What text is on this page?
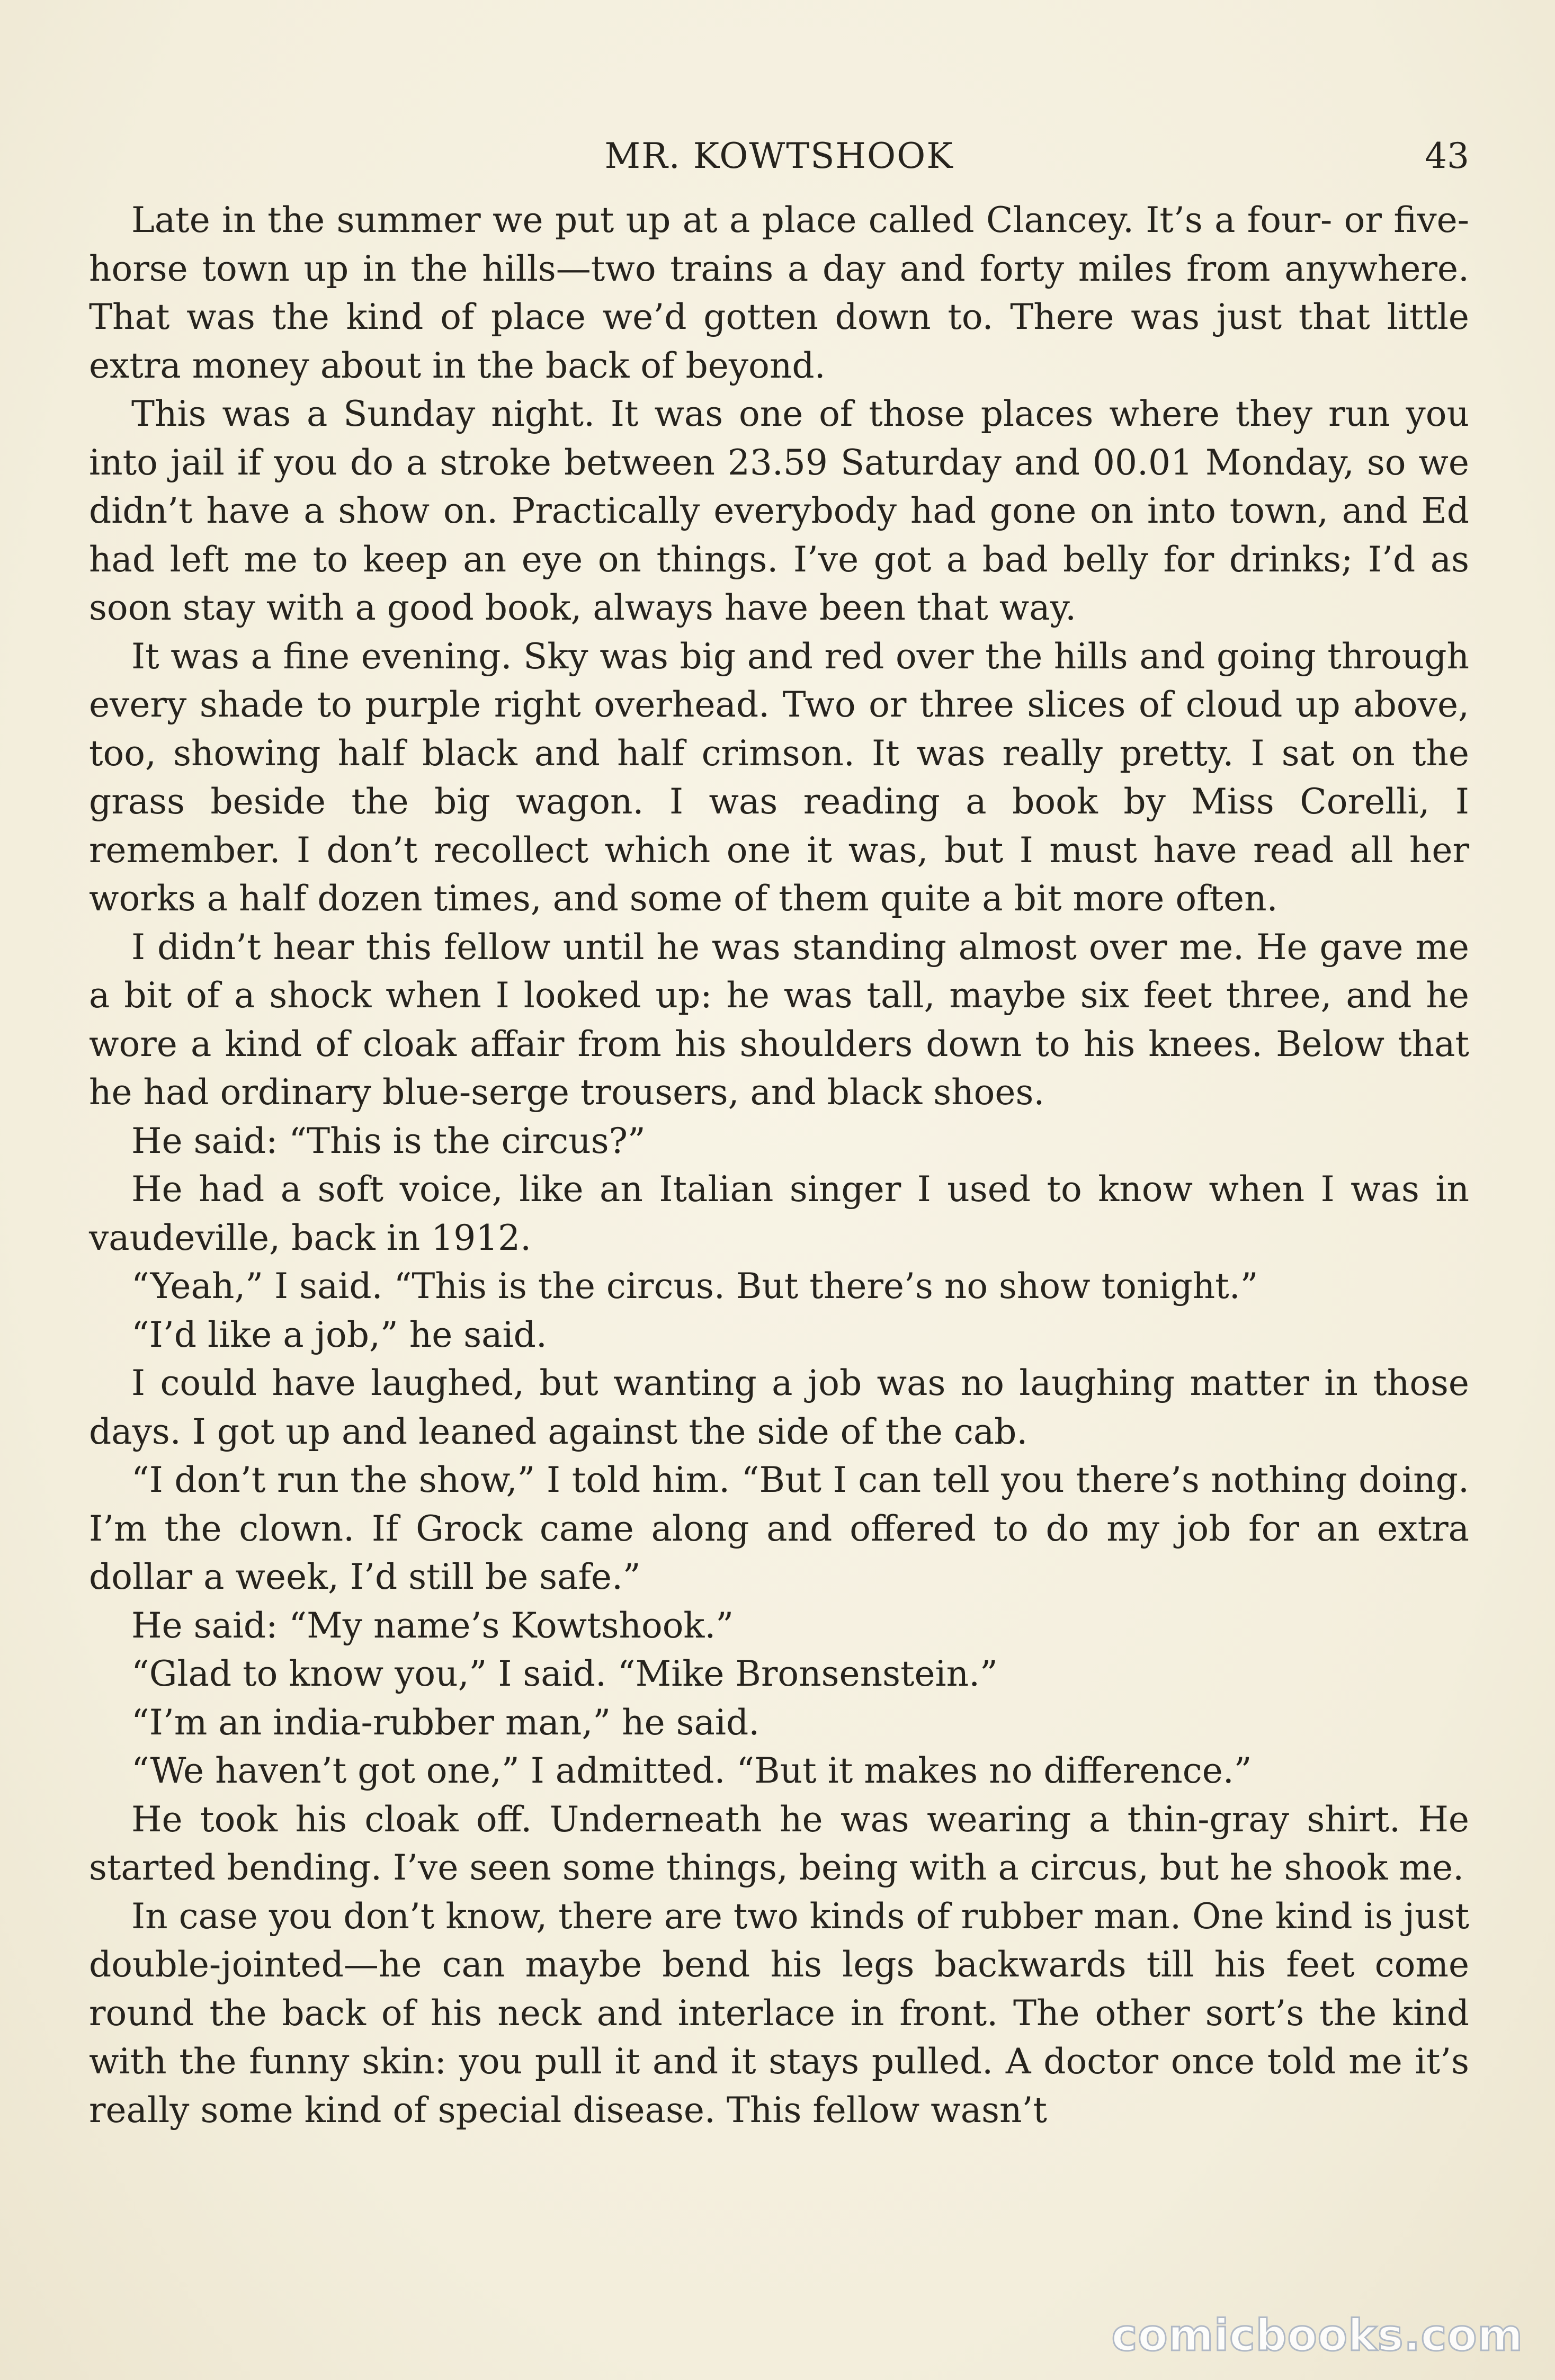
MR. KOWTSHOOK	43

Late in the summer we put up at a place called Clancey. It’s a four- or five-horse town up in the hills—two trains a day and forty miles from anywhere. That was the kind of place we’d gotten down to. There was just that little extra money about in the back of beyond.

This was a Sunday night. It was one of those places where they run you into jail if you do a stroke between 23.59 Saturday and 00.01 Monday, so we didn’t have a show on. Practically everybody had gone on into town, and Ed had left me to keep an eye on things. I’ve got a bad belly for drinks; I’d as soon stay with a good book, always have been that way.

It was a fine evening. Sky was big and red over the hills and going through every shade to purple right overhead. Two or three slices of cloud up above, too, showing half black and half crimson. It was really pretty. I sat on the grass beside the big wagon. I was reading a book by Miss Corelli, I remember. I don’t recollect which one it was, but I must have read all her works a half dozen times, and some of them quite a bit more often.

I didn’t hear this fellow until he was standing almost over me. He gave me a bit of a shock when I looked up: he was tall, maybe six feet three, and he wore a kind of cloak affair from his shoulders down to his knees. Below that he had ordinary blue-serge trousers, and black shoes.

He said: “This is the circus?”

He had a soft voice, like an Italian singer I used to know when I was in vaudeville, back in 1912.

“Yeah,” I said. “This is the circus. But there’s no show tonight.”

“I’d like a job,” he said.

I could have laughed, but wanting a job was no laughing matter in those days. I got up and leaned against the side of the cab.

“I don’t run the show,” I told him. “But I can tell you there’s nothing doing. I’m the clown. If Grock came along and offered to do my job for an extra dollar a week, I’d still be safe.”

He said: “My name’s Kowtshook.”

“Glad to know you,” I said. “Mike Bronsenstein.”

“I’m an india-rubber man,” he said.

“We haven’t got one,” I admitted. “But it makes no difference.”

He took his cloak off. Underneath he was wearing a thin-gray shirt. He started bending. I’ve seen some things, being with a circus, but he shook me.

In case you don’t know, there are two kinds of rubber man. One kind is just double-jointed—he can maybe bend his legs backwards till his feet come round the back of his neck and interlace in front. The other sort’s the kind with the funny skin: you pull it and it stays pulled. A doctor once told me it’s really some kind of special disease. This fellow wasn’t

comicbooks.com
